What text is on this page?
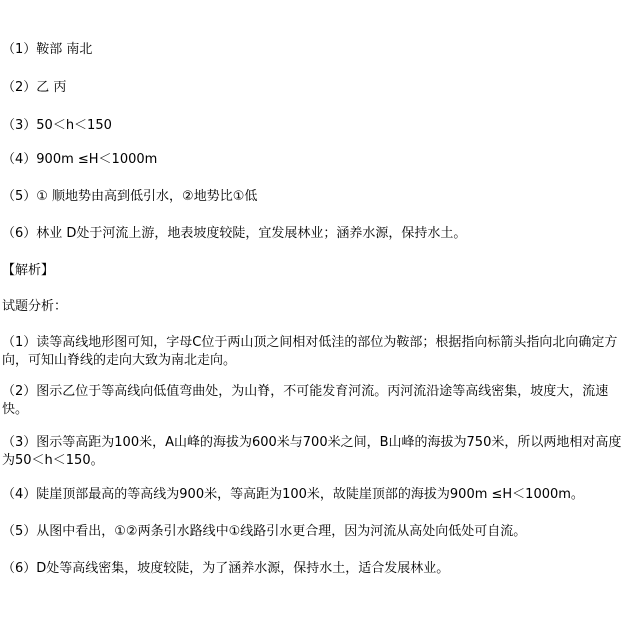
（1）鞍部 南北
（2）乙 丙
（3）50＜h＜150
（4）900m ≤H＜1000m
（5）① 顺地势由高到低引水，②地势比①低
（6）林业 D处于河流上游，地表坡度较陡，宜发展林业；涵养水源，保持水土。
【解析】
试题分析：
（1）读等高线地形图可知，字母C位于两山顶之间相对低洼的部位为鞍部；根据指向标箭头指向北向确定方向，可知山脊线的走向大致为南北走向。
（2）图示乙位于等高线向低值弯曲处，为山脊，不可能发育河流。丙河流沿途等高线密集，坡度大，流速快。
（3）图示等高距为100米，A山峰的海拔为600米与700米之间，B山峰的海拔为750米，所以两地相对高度为50＜h＜150。
（4）陡崖顶部最高的等高线为900米，等高距为100米，故陡崖顶部的海拔为900m ≤H＜1000m。
（5）从图中看出，①②两条引水路线中①线路引水更合理，因为河流从高处向低处可自流。
（6）D处等高线密集，坡度较陡，为了涵养水源，保持水土，适合发展林业。
